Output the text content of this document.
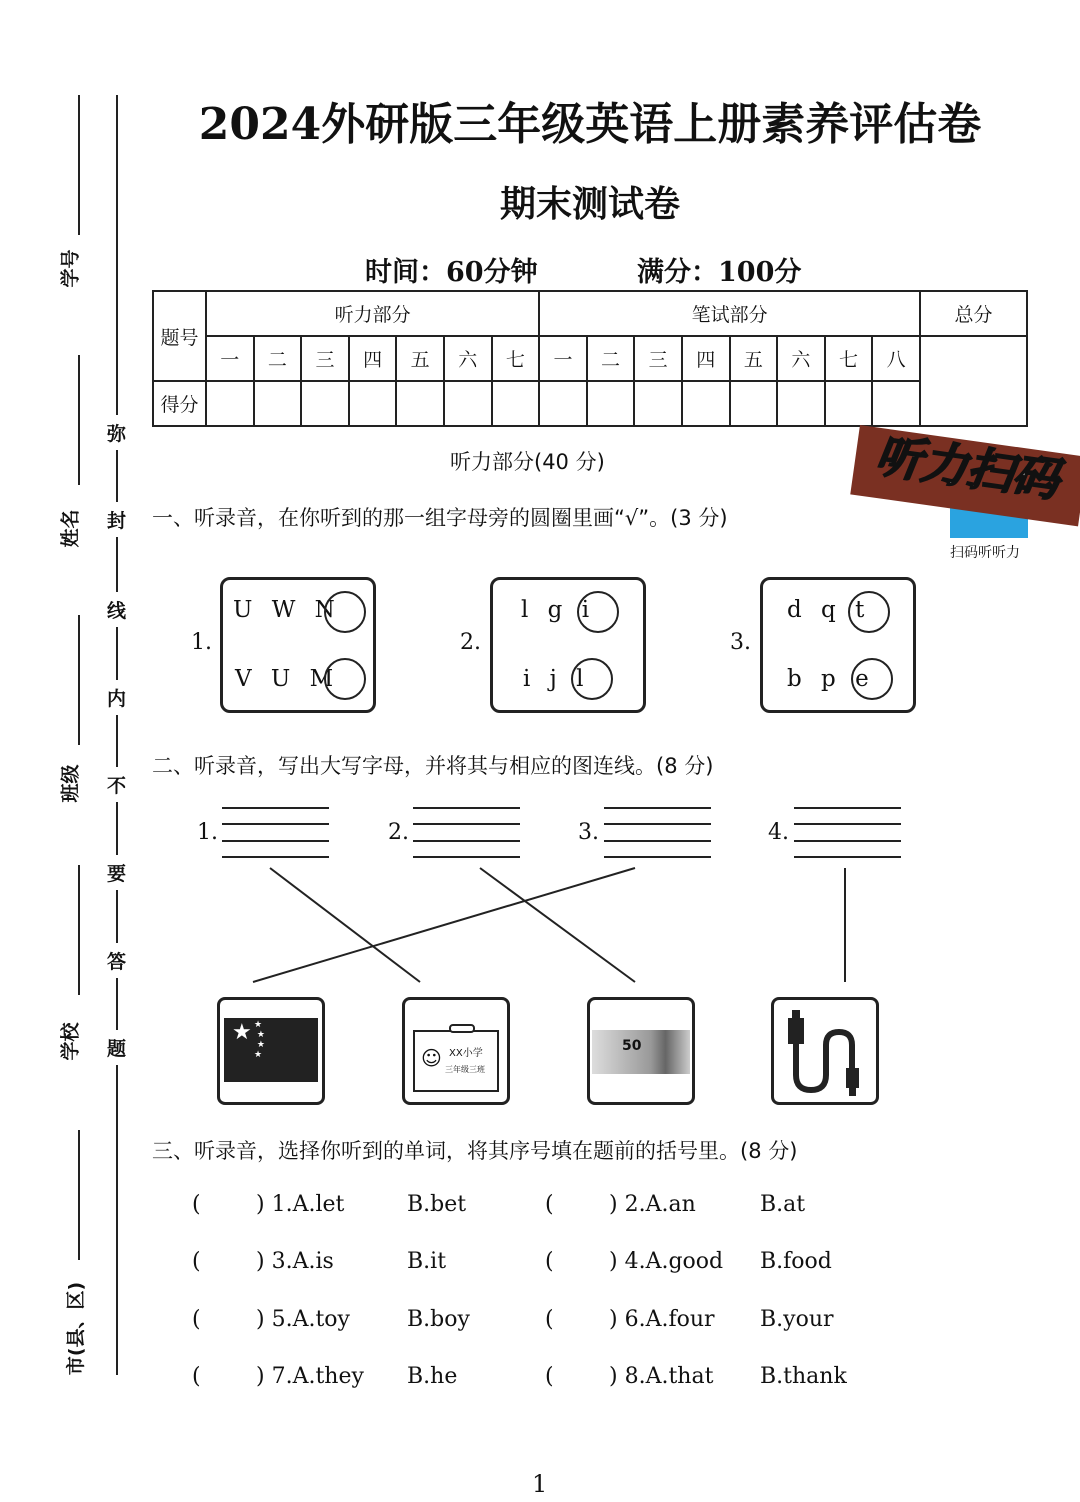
学号
姓名
班级
学校
市(县、区)
弥
封
线
内
不
要
答
题
2024外研版三年级英语上册素养评估卷
期末测试卷
时间：60分钟	满分：100分
题号	听力部分							笔试部分								总分
	一	二	三	四	五	六	七	一	二	三	四	五	六	七	八	
得分																
听力部分(40 分)	听力扫码
扫码听听力
一、听录音，在你听到的那一组字母旁的圆圈里画“√”。(3 分)
1.
U W N
V U M
2.
l g i
i j l
3.
d q t
b p e
二、听录音，写出大写字母，并将其与相应的图连线。(8 分)
1.	2.	3.	4.
★ ★
★
★
★	☺ XX小学
三年级三班
50
三、听录音，选择你听到的单词，将其序号填在题前的括号里。(8 分)
(	) 1.A.let	B.bet	(	) 2.A.an	B.at
(	) 3.A.is	B.it	(	) 4.A.good B.food
(	) 5.A.toy	B.boy	(	) 6.A.four B.your
(	) 7.A.they B.he	(	) 8.A.that B.thank
1
